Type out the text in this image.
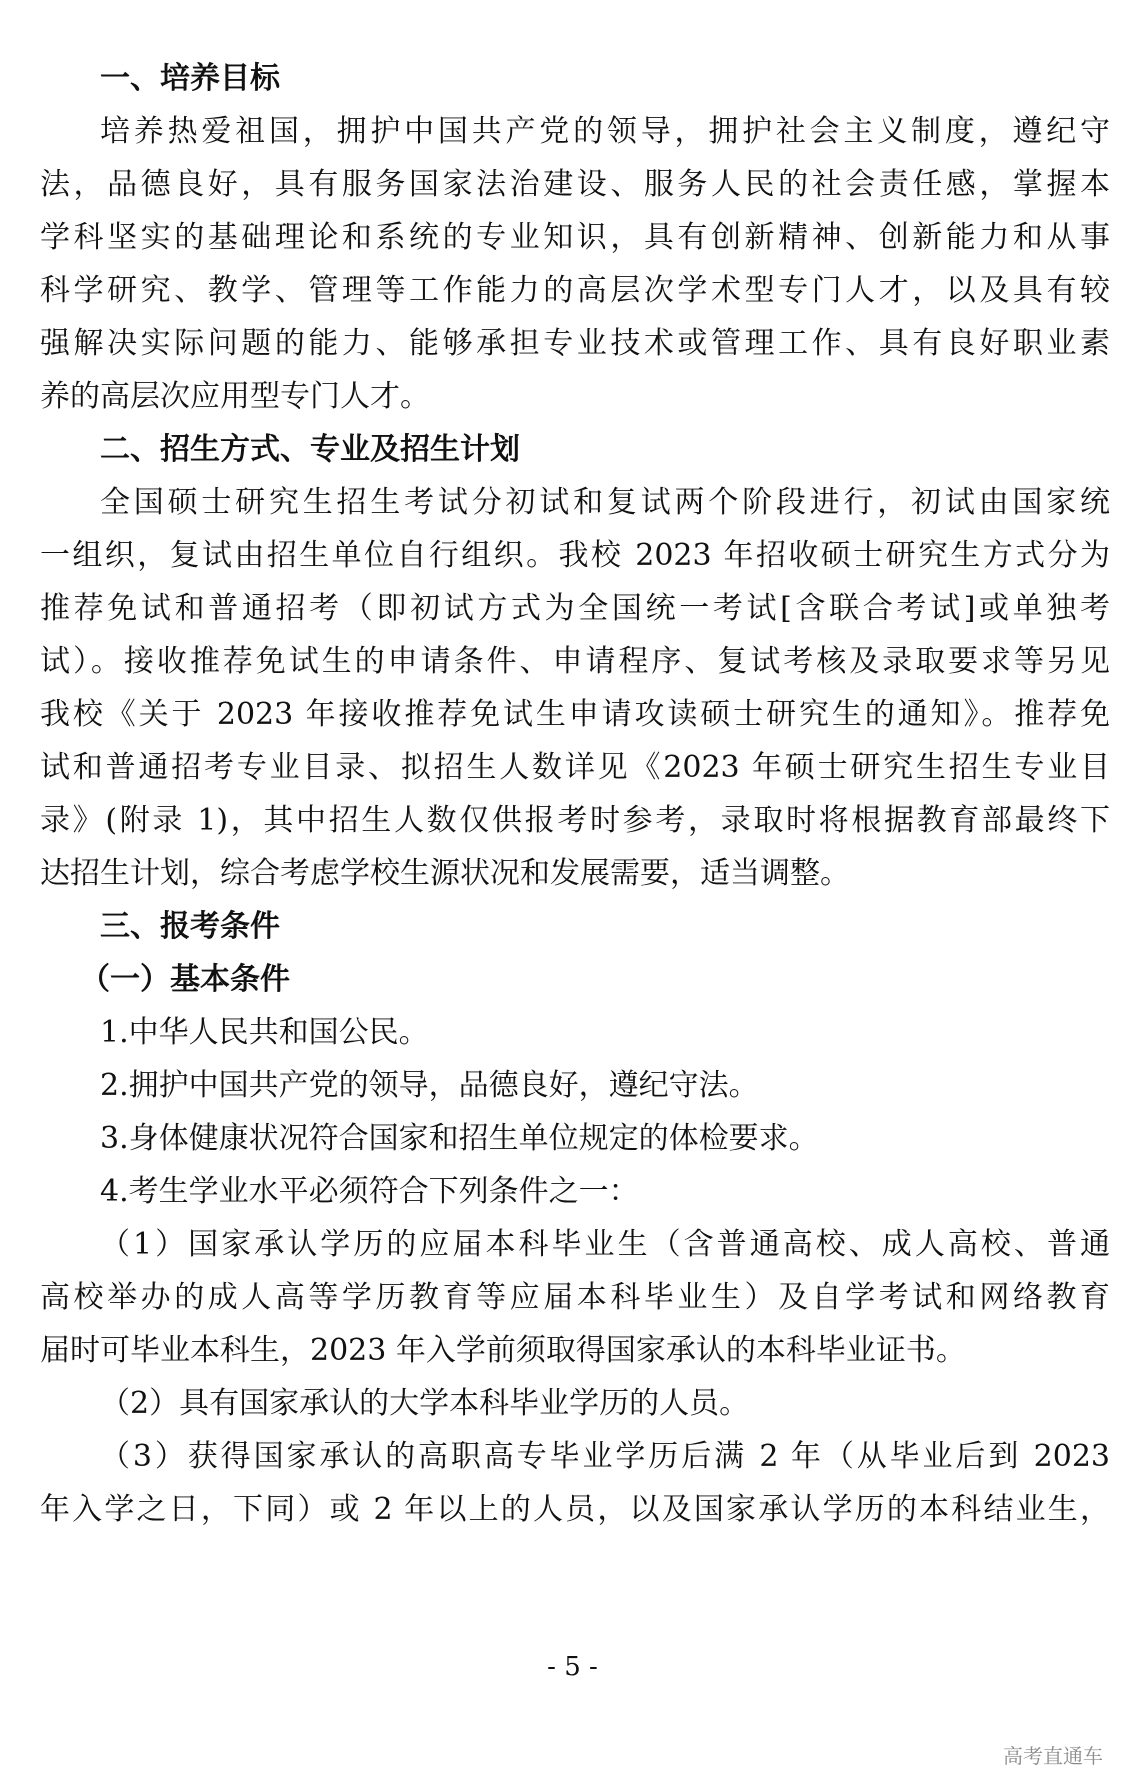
一、培养目标
培养热爱祖国，拥护中国共产党的领导，拥护社会主义制度，遵纪守
法，品德良好，具有服务国家法治建设、服务人民的社会责任感，掌握本
学科坚实的基础理论和系统的专业知识，具有创新精神、创新能力和从事
科学研究、教学、管理等工作能力的高层次学术型专门人才，以及具有较
强解决实际问题的能力、能够承担专业技术或管理工作、具有良好职业素
养的高层次应用型专门人才。
二、招生方式、专业及招生计划
全国硕士研究生招生考试分初试和复试两个阶段进行，初试由国家统
一组织，复试由招生单位自行组织。我校 2023 年招收硕士研究生方式分为
推荐免试和普通招考（即初试方式为全国统一考试[含联合考试]或单独考
试）。接收推荐免试生的申请条件、申请程序、复试考核及录取要求等另见
我校《关于 2023 年接收推荐免试生申请攻读硕士研究生的通知》。推荐免
试和普通招考专业目录、拟招生人数详见《2023 年硕士研究生招生专业目
录》(附录 1)，其中招生人数仅供报考时参考，录取时将根据教育部最终下
达招生计划，综合考虑学校生源状况和发展需要，适当调整。
三、报考条件
（一）基本条件
1.中华人民共和国公民。
2.拥护中国共产党的领导，品德良好，遵纪守法。
3.身体健康状况符合国家和招生单位规定的体检要求。
4.考生学业水平必须符合下列条件之一：
（1）国家承认学历的应届本科毕业生（含普通高校、成人高校、普通
高校举办的成人高等学历教育等应届本科毕业生）及自学考试和网络教育
届时可毕业本科生，2023 年入学前须取得国家承认的本科毕业证书。
（2）具有国家承认的大学本科毕业学历的人员。
（3）获得国家承认的高职高专毕业学历后满 2 年（从毕业后到 2023
年入学之日，下同）或 2 年以上的人员，以及国家承认学历的本科结业生，
- 5 -
高考直通车
